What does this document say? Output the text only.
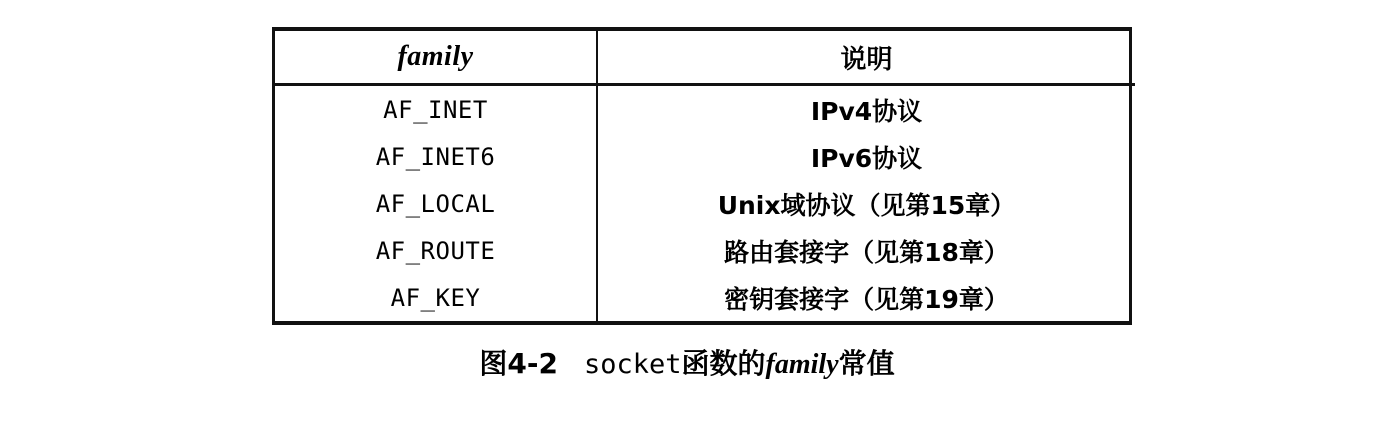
family	说明

AF_INET	IPv4协议
AF_INET6	IPv6协议
AF_LOCAL	Unix域协议（见第15章）
AF_ROUTE	路由套接字（见第18章）
AF_KEY	密钥套接字（见第19章）
图4-2 socket函数的family常值
